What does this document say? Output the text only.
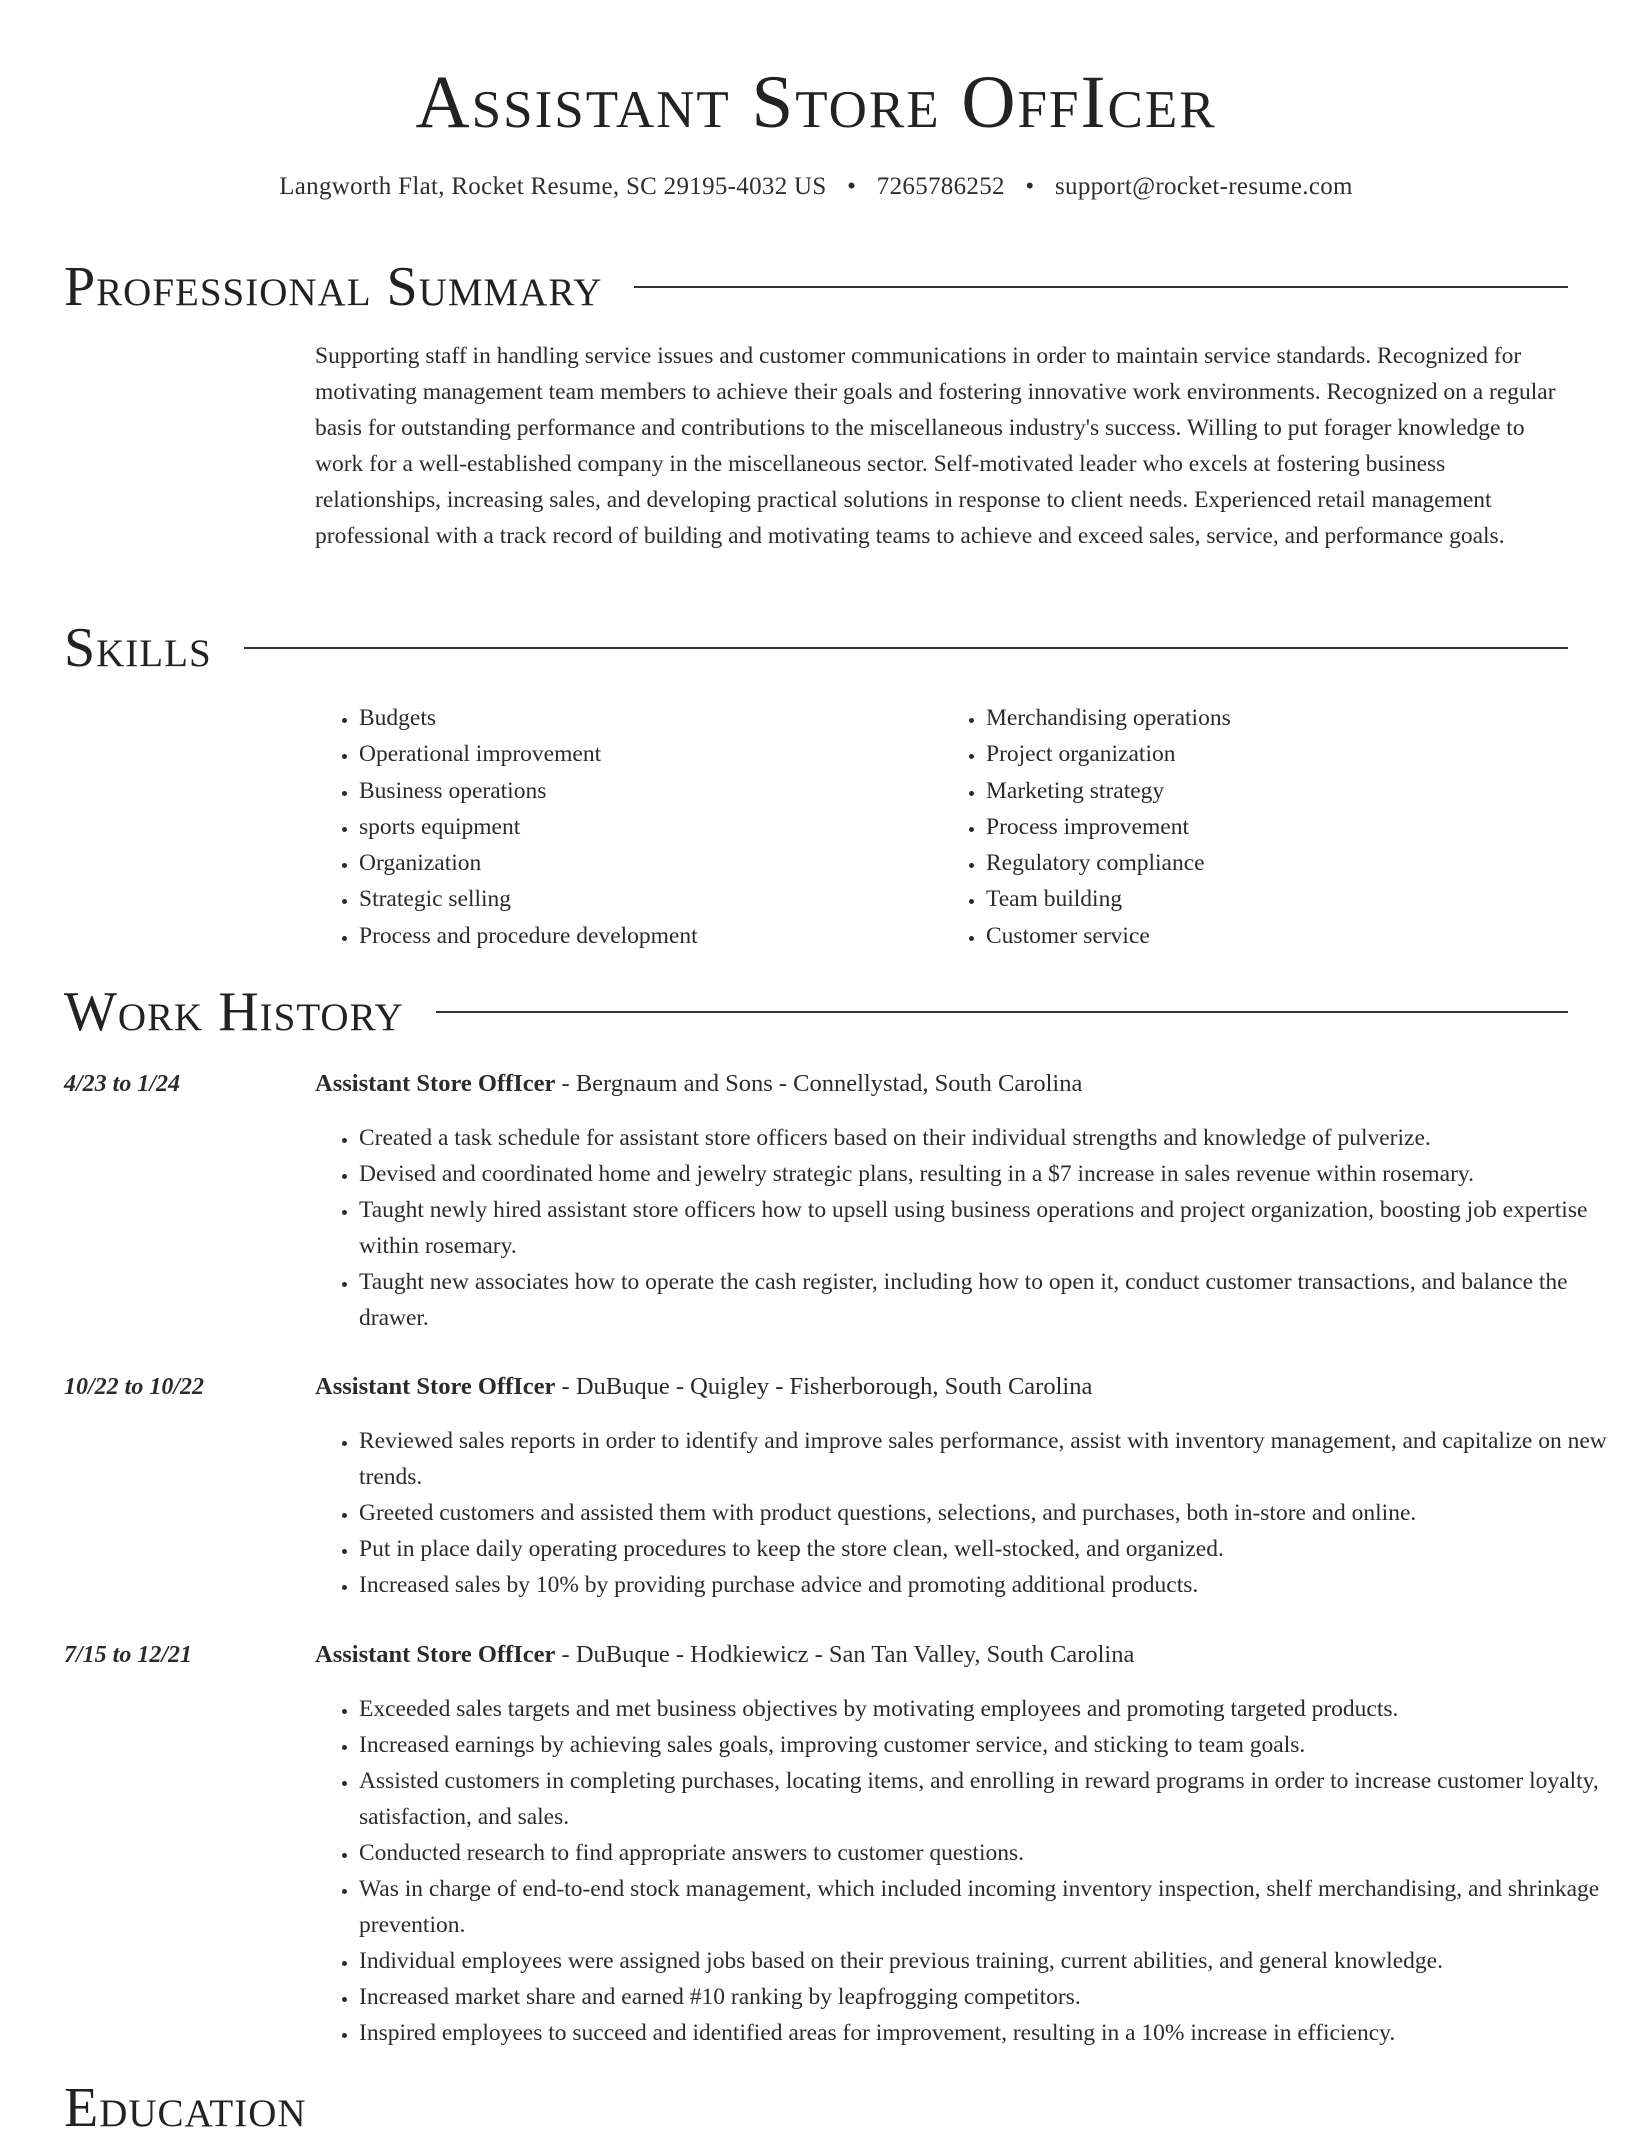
Assistant Store OffIcer
Langworth Flat, Rocket Resume, SC 29195-4032 US • 7265786252 • support@rocket-resume.com
Professional Summary

Supporting staff in handling service issues and customer communications in order to maintain service standards. Recognized for motivating management team members to achieve their goals and fostering innovative work environments. Recognized on a regular basis for outstanding performance and contributions to the miscellaneous industry's success. Willing to put forager knowledge to work for a well-established company in the miscellaneous sector. Self-motivated leader who excels at fostering business relationships, increasing sales, and developing practical solutions in response to client needs. Experienced retail management professional with a track record of building and motivating teams to achieve and exceed sales, service, and performance goals.

Skills
• Budgets
• Operational improvement
• Business operations
• sports equipment
• Organization
• Strategic selling
• Process and procedure development
• Merchandising operations
• Project organization
• Marketing strategy
• Process improvement
• Regulatory compliance
• Team building
• Customer service
Work History
4/23 to 1/24	Assistant Store OffIcer - Bergnaum and Sons - Connellystad, South Carolina
• Created a task schedule for assistant store officers based on their individual strengths and knowledge of pulverize.
• Devised and coordinated home and jewelry strategic plans, resulting in a $7 increase in sales revenue within rosemary.
• Taught newly hired assistant store officers how to upsell using business operations and project organization, boosting job expertise within rosemary.
• Taught new associates how to operate the cash register, including how to open it, conduct customer transactions, and balance the drawer.
10/22 to 10/22	Assistant Store OffIcer - DuBuque - Quigley - Fisherborough, South Carolina
• Reviewed sales reports in order to identify and improve sales performance, assist with inventory management, and capitalize on new trends.
• Greeted customers and assisted them with product questions, selections, and purchases, both in-store and online.
• Put in place daily operating procedures to keep the store clean, well-stocked, and organized.
• Increased sales by 10% by providing purchase advice and promoting additional products.
7/15 to 12/21	Assistant Store OffIcer - DuBuque - Hodkiewicz - San Tan Valley, South Carolina
• Exceeded sales targets and met business objectives by motivating employees and promoting targeted products.
• Increased earnings by achieving sales goals, improving customer service, and sticking to team goals.
• Assisted customers in completing purchases, locating items, and enrolling in reward programs in order to increase customer loyalty, satisfaction, and sales.
• Conducted research to find appropriate answers to customer questions.
• Was in charge of end-to-end stock management, which included incoming inventory inspection, shelf merchandising, and shrinkage prevention.
• Individual employees were assigned jobs based on their previous training, current abilities, and general knowledge.
• Increased market share and earned #10 ranking by leapfrogging competitors.
• Inspired employees to succeed and identified areas for improvement, resulting in a 10% increase in efficiency.
Education
